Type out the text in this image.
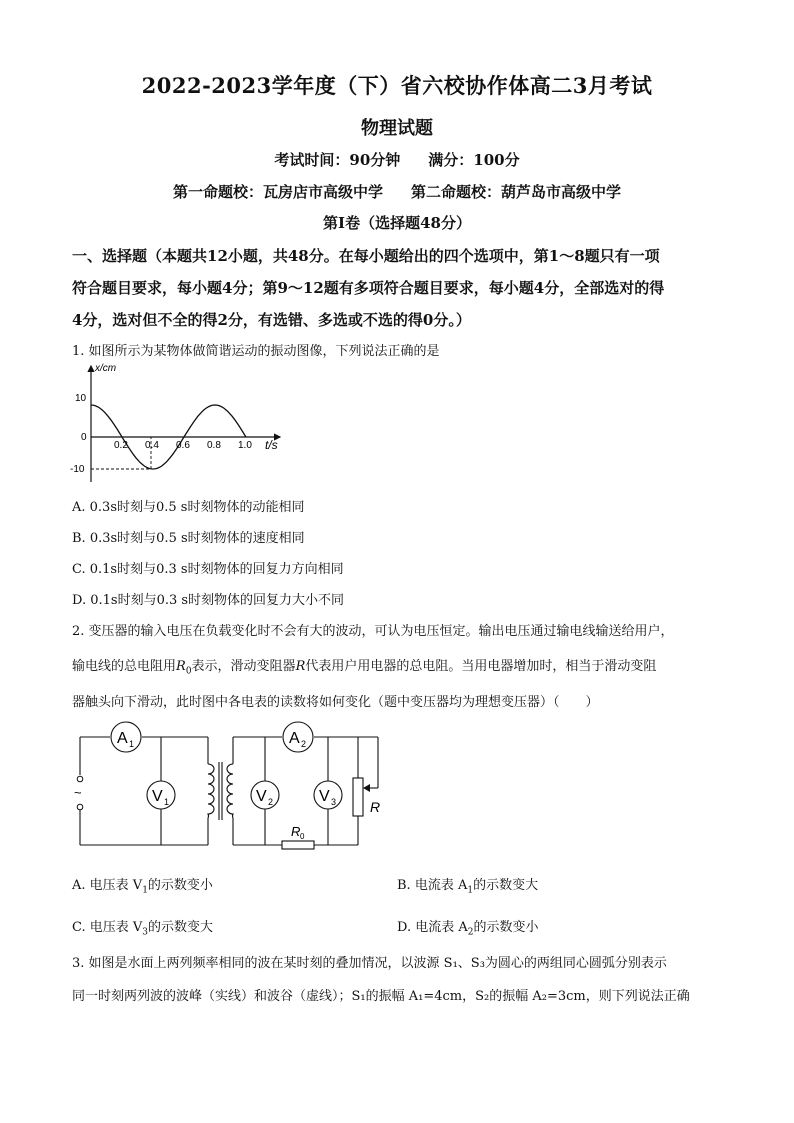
2022-2023学年度（下）省六校协作体高二3月考试
物理试题
考试时间：90分钟 满分：100分
第一命题校：瓦房店市高级中学 第二命题校：葫芦岛市高级中学
第Ⅰ卷（选择题48分）
一、选择题（本题共12小题，共48分。在每小题给出的四个选项中，第1～8题只有一项
符合题目要求，每小题4分；第9～12题有多项符合题目要求，每小题4分，全部选对的得
4分，选对但不全的得2分，有选错、多选或不选的得0分。）
1. 如图所示为某物体做简谐运动的振动图像，下列说法正确的是
x/cm
t/s
10
0
-10
0.2 0.4 0.6 0.8 1.0
A. 0.3s时刻与0.5 s时刻物体的动能相同
B. 0.3s时刻与0.5 s时刻物体的速度相同
C. 0.1s时刻与0.3 s时刻物体的回复力方向相同
D. 0.1s时刻与0.3 s时刻物体的回复力大小不同
2. 变压器的输入电压在负载变化时不会有大的波动，可认为电压恒定。输出电压通过输电线输送给用户，
输电线的总电阻用$R_0$表示，滑动变阻器R代表用户用电器的总电阻。当用电器增加时，相当于滑动变阻
器触头向下滑动，此时图中各电表的读数将如何变化（题中变压器均为理想变压器）（　　）
~
A 1
V 1	V 2
A 2
V 3 R
R 0
A. 电压表 $V_1$的示数变小	B. 电流表 $A_1$的示数变大
C. 电压表 $V_3$的示数变大	D. 电流表 $A_2$的示数变小
3. 如图是水面上两列频率相同的波在某时刻的叠加情况，以波源 S₁、S₃为圆心的两组同心圆弧分别表示
同一时刻两列波的波峰（实线）和波谷（虚线）；S₁的振幅 A₁=4cm，S₂的振幅 A₂=3cm，则下列说法正确
